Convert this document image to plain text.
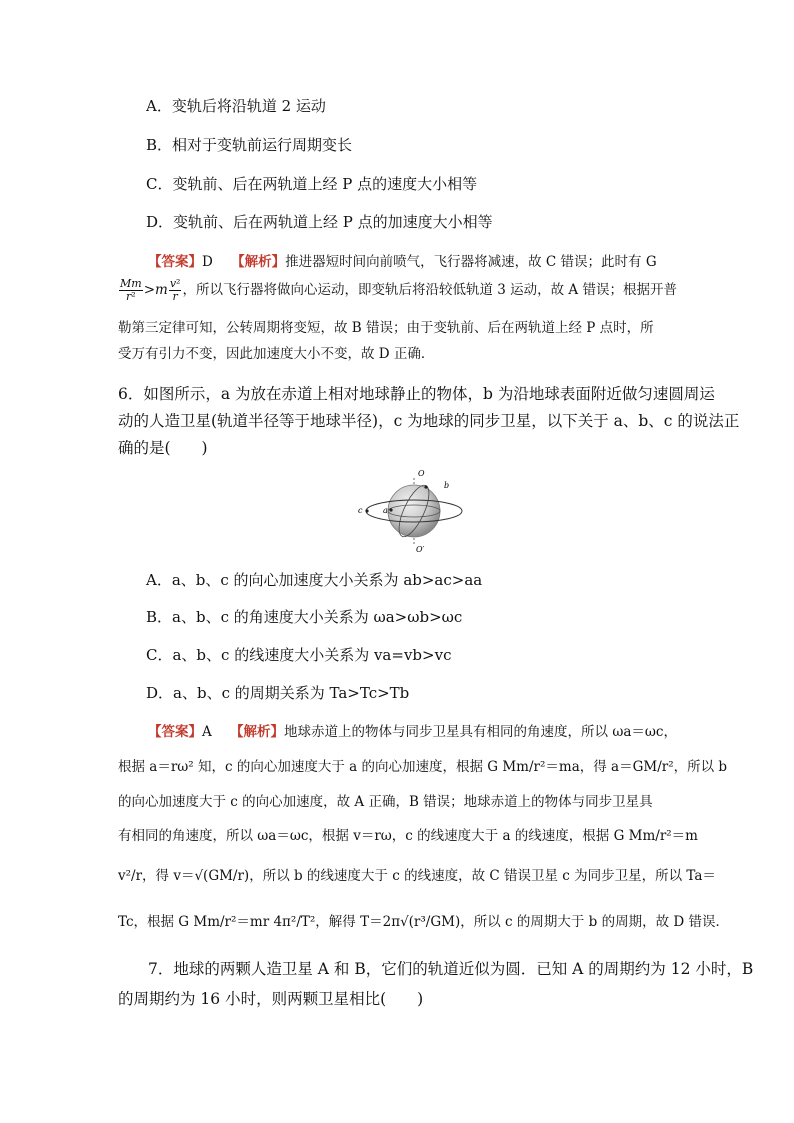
A．变轨后将沿轨道 2 运动
B．相对于变轨前运行周期变长
C．变轨前、后在两轨道上经 P 点的速度大小相等
D．变轨前、后在两轨道上经 P 点的加速度大小相等
【答案】D 【解析】推进器短时间向前喷气，飞行器将减速，故 C 错误；此时有 G
$\frac{Mm}{\text{r²}} >m \frac{\text{v²}}{r}$ ，所以飞行器将做向心运动，即变轨后将沿较低轨道 3 运动，故 A 错误；根据开普
勒第三定律可知，公转周期将变短，故 B 错误；由于变轨前、后在两轨道上经 P 点时，所
受万有引力不变，因此加速度大小不变，故 D 正确．
6．如图所示，a 为放在赤道上相对地球静止的物体，b 为沿地球表面附近做匀速圆周运
动的人造卫星(轨道半径等于地球半径)，c 为地球的同步卫星，以下关于 a、b、c 的说法正
确的是(　　)
O
O′
a
b
c
A．a、b、c 的向心加速度大小关系为 ab>ac>aa
B．a、b、c 的角速度大小关系为 ωa>ωb>ωc
C．a、b、c 的线速度大小关系为 va=vb>vc
D．a、b、c 的周期关系为 Ta>Tc>Tb
【答案】A 【解析】地球赤道上的物体与同步卫星具有相同的角速度，所以 ωa＝ωc，
根据 a＝rω² 知，c 的向心加速度大于 a 的向心加速度，根据 G Mm/r²＝ma，得 a＝GM/r²，所以 b
的向心加速度大于 c 的向心加速度，故 A 正确，B 错误；地球赤道上的物体与同步卫星具
有相同的角速度，所以 ωa＝ωc，根据 v＝rω，c 的线速度大于 a 的线速度，根据 G Mm/r²＝m
v²/r，得 v＝√(GM/r)，所以 b 的线速度大于 c 的线速度，故 C 错误卫星 c 为同步卫星，所以 Ta＝
Tc，根据 G Mm/r²＝mr 4π²/T²，解得 T＝2π√(r³/GM)，所以 c 的周期大于 b 的周期，故 D 错误．
7．地球的两颗人造卫星 A 和 B，它们的轨道近似为圆．已知 A 的周期约为 12 小时，B
的周期约为 16 小时，则两颗卫星相比(　　)
